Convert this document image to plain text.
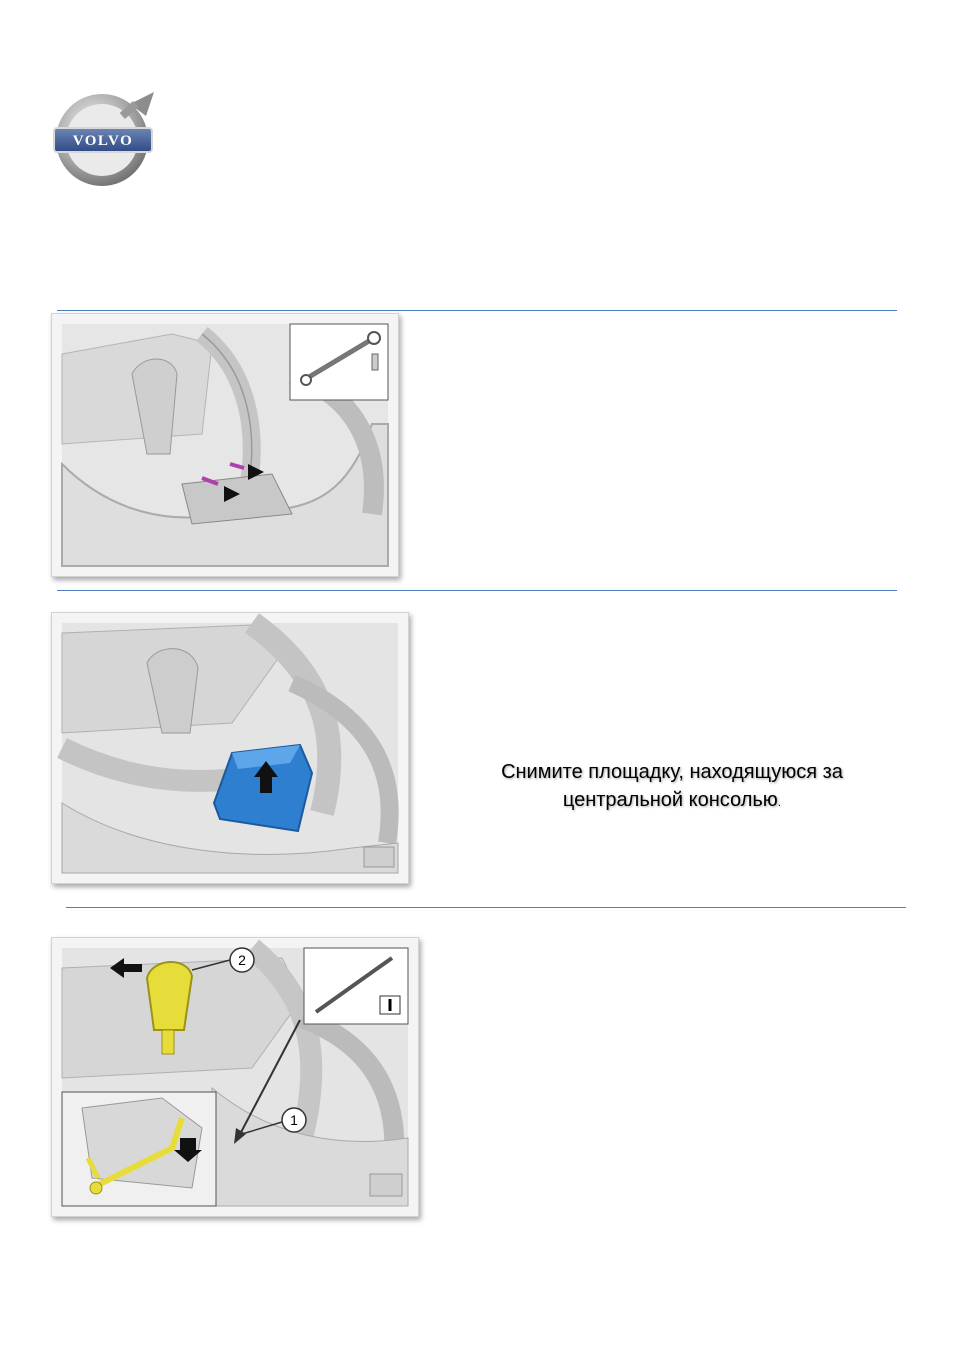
VOLVO
Снимите площадку, находящуюся за центральной консолью.
2
1
